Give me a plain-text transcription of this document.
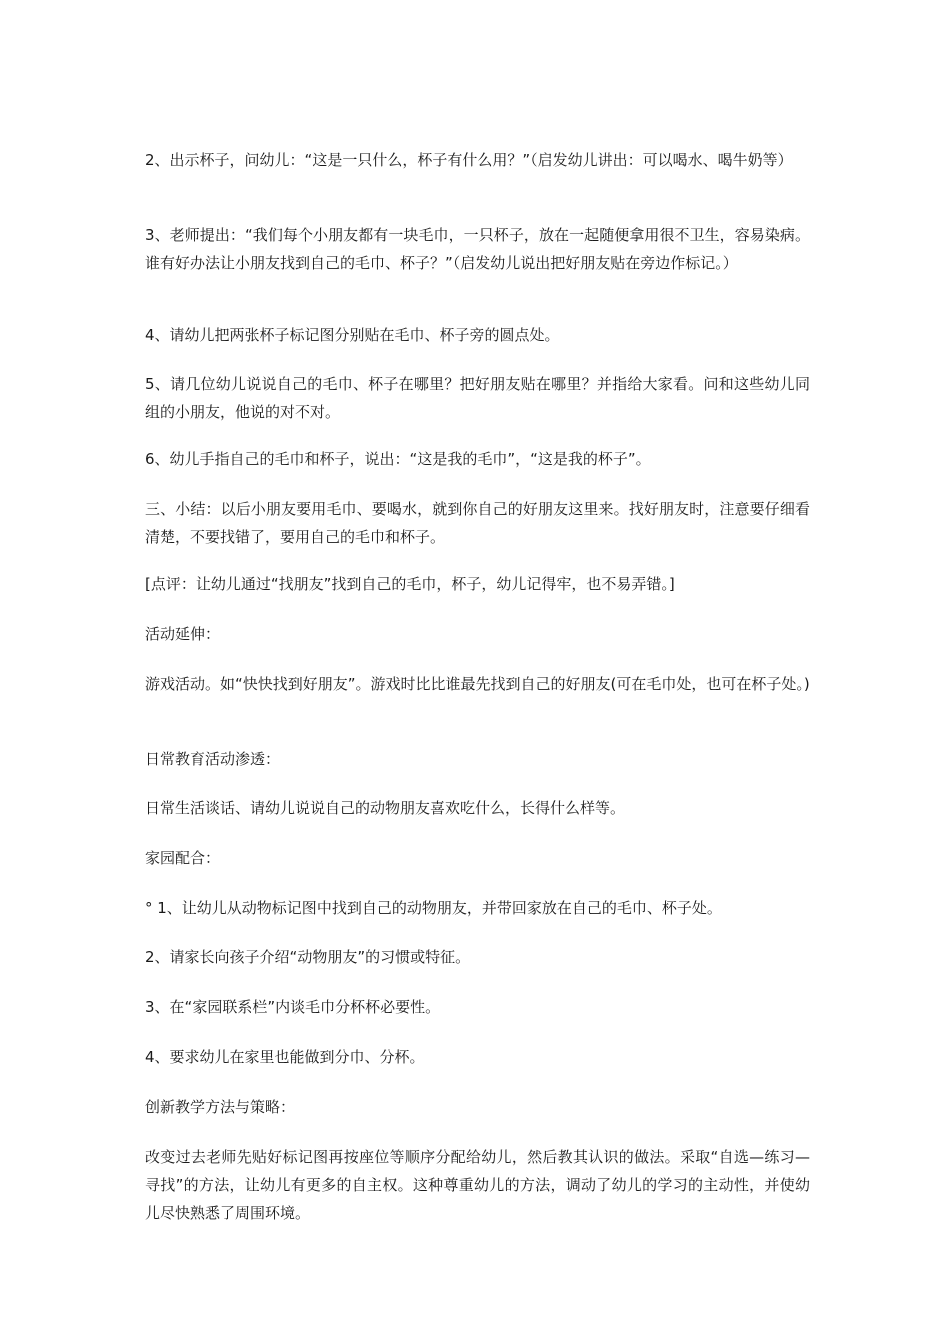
2、出示杯子，问幼儿：“这是一只什么，杯子有什么用？”（启发幼儿讲出：可以喝水、喝牛奶等）

3、老师提出：“我们每个小朋友都有一块毛巾，一只杯子，放在一起随便拿用很不卫生，容易染病。谁有好办法让小朋友找到自己的毛巾、杯子？”（启发幼儿说出把好朋友贴在旁边作标记。）

4、请幼儿把两张杯子标记图分别贴在毛巾、杯子旁的圆点处。

5、请几位幼儿说说自己的毛巾、杯子在哪里？把好朋友贴在哪里？并指给大家看。问和这些幼儿同组的小朋友，他说的对不对。

6、幼儿手指自己的毛巾和杯子，说出：“这是我的毛巾”，“这是我的杯子”。

三、小结：以后小朋友要用毛巾、要喝水，就到你自己的好朋友这里来。找好朋友时，注意要仔细看清楚，不要找错了，要用自己的毛巾和杯子。

[点评：让幼儿通过“找朋友”找到自己的毛巾，杯子，幼儿记得牢，也不易弄错。]

活动延伸：

游戏活动。如“快快找到好朋友”。游戏时比比谁最先找到自己的好朋友(可在毛巾处，也可在杯子处。)

日常教育活动渗透：

日常生活谈话、请幼儿说说自己的动物朋友喜欢吃什么，长得什么样等。

家园配合：

° 1、让幼儿从动物标记图中找到自己的动物朋友，并带回家放在自己的毛巾、杯子处。

2、请家长向孩子介绍“动物朋友”的习惯或特征。

3、在“家园联系栏”内谈毛巾分杯杯必要性。

4、要求幼儿在家里也能做到分巾、分杯。

创新教学方法与策略：

改变过去老师先贴好标记图再按座位等顺序分配给幼儿，然后教其认识的做法。采取“自选—练习—寻找”的方法，让幼儿有更多的自主权。这种尊重幼儿的方法，调动了幼儿的学习的主动性，并使幼儿尽快熟悉了周围环境。
